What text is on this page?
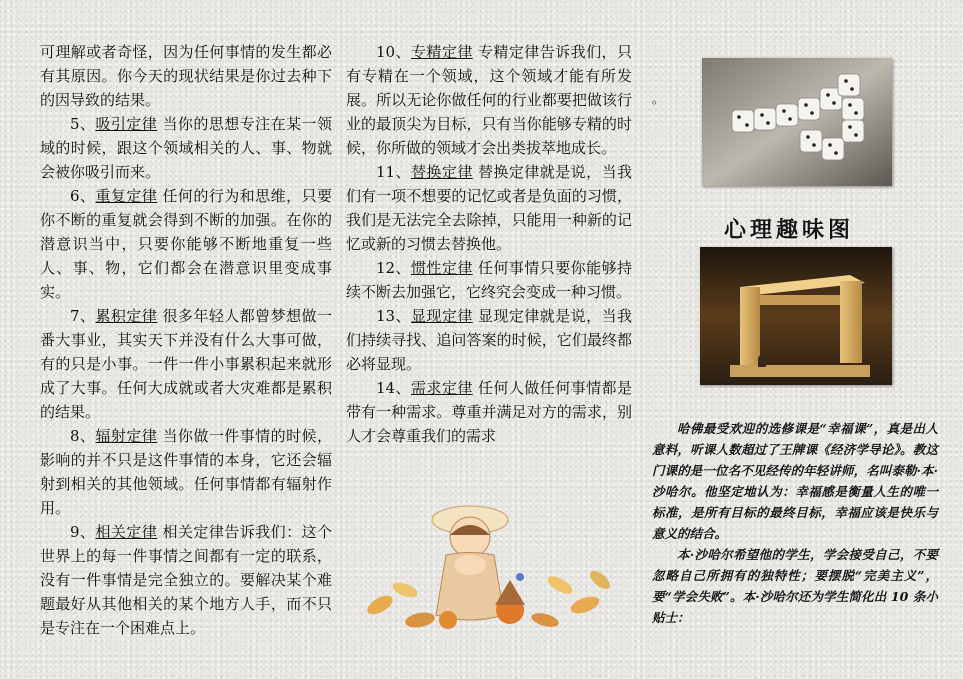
可理解或者奇怪，因为任何事情的发生都必有其原因。你今天的现状结果是你过去种下的因导致的结果。

5、吸引定律 当你的思想专注在某一领域的时候，跟这个领域相关的人、事、物就会被你吸引而来。

6、重复定律 任何的行为和思维，只要你不断的重复就会得到不断的加强。在你的潜意识当中，只要你能够不断地重复一些人、事、物，它们都会在潜意识里变成事实。

7、累积定律 很多年轻人都曾梦想做一番大事业，其实天下并没有什么大事可做，有的只是小事。一件一件小事累积起来就形成了大事。任何大成就或者大灾难都是累积的结果。

8、辐射定律 当你做一件事情的时候，影响的并不只是这件事情的本身，它还会辐射到相关的其他领域。任何事情都有辐射作用。

9、相关定律 相关定律告诉我们：这个世界上的每一件事情之间都有一定的联系，没有一件事情是完全独立的。要解决某个难题最好从其他相关的某个地方人手，而不只是专注在一个困难点上。

10、专精定律 专精定律告诉我们，只有专精在一个领域，这个领域才能有所发展。所以无论你做任何的行业都要把做该行业的最顶尖为目标，只有当你能够专精的时候，你所做的领域才会出类拔萃地成长。

11、替换定律 替换定律就是说，当我们有一项不想要的记忆或者是负面的习惯，我们是无法完全去除掉，只能用一种新的记忆或新的习惯去替换他。

12、惯性定律 任何事情只要你能够持续不断去加强它，它终究会变成一种习惯。

13、显现定律 显现定律就是说，当我们持续寻找、追问答案的时候，它们最终都必将显现。

14、需求定律 任何人做任何事情都是带有一种需求。尊重并满足对方的需求，别人才会尊重我们的需求

。
心理趣味图

哈佛最受欢迎的选修课是“幸福课”，真是出人意料，听课人数超过了王牌课《经济学导论》。教这门课的是一位名不见经传的年轻讲师，名叫泰勒·本·沙哈尔。他坚定地认为：幸福感是衡量人生的唯一标准，是所有目标的最终目标，幸福应该是快乐与意义的结合。

本·沙哈尔希望他的学生，学会接受自己，不要忽略自己所拥有的独特性；要摆脱“完美主义”，要“学会失败”。本·沙哈尔还为学生简化出 10 条小贴士：
